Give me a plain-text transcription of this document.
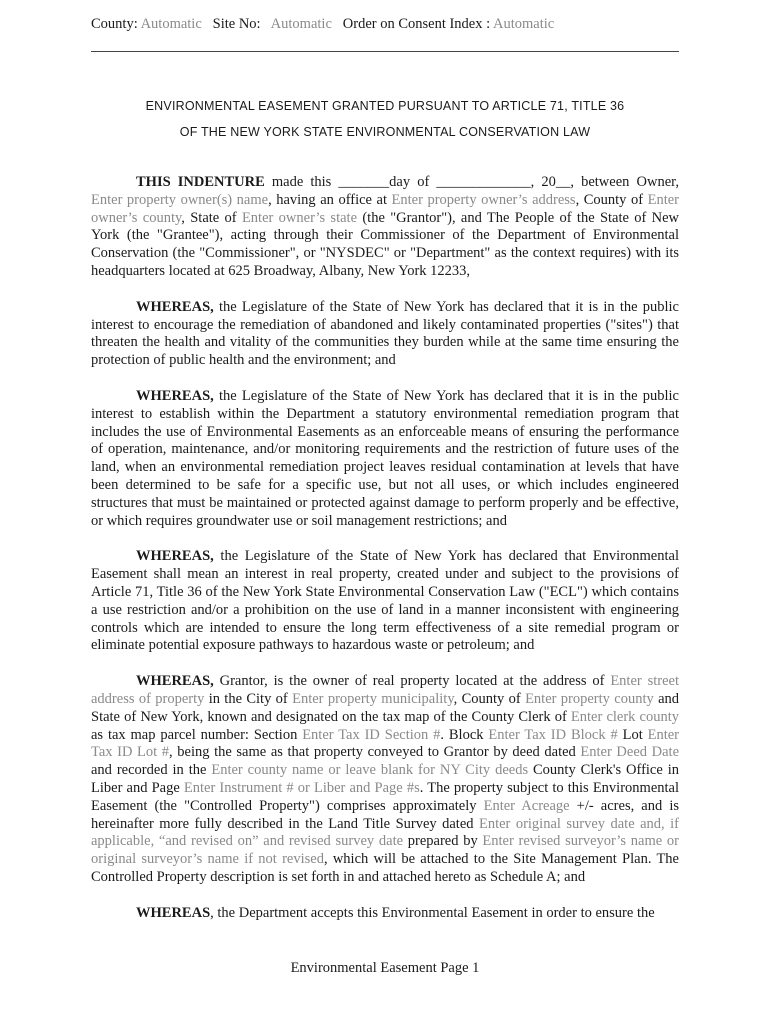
County: Automatic Site No: Automatic Order on Consent Index : Automatic
ENVIRONMENTAL EASEMENT GRANTED PURSUANT TO ARTICLE 71, TITLE 36
OF THE NEW YORK STATE ENVIRONMENTAL CONSERVATION LAW

THIS INDENTURE made this _______day of _____________, 20__, between Owner, Enter property owner(s) name, having an office at Enter property owner’s address, County of Enter owner’s county, State of Enter owner’s state (the "Grantor"), and The People of the State of New York (the "Grantee"), acting through their Commissioner of the Department of Environmental Conservation (the "Commissioner", or "NYSDEC" or "Department" as the context requires) with its headquarters located at 625 Broadway, Albany, New York 12233,

WHEREAS, the Legislature of the State of New York has declared that it is in the public interest to encourage the remediation of abandoned and likely contaminated properties ("sites") that threaten the health and vitality of the communities they burden while at the same time ensuring the protection of public health and the environment; and

WHEREAS, the Legislature of the State of New York has declared that it is in the public interest to establish within the Department a statutory environmental remediation program that includes the use of Environmental Easements as an enforceable means of ensuring the performance of operation, maintenance, and/or monitoring requirements and the restriction of future uses of the land, when an environmental remediation project leaves residual contamination at levels that have been determined to be safe for a specific use, but not all uses, or which includes engineered structures that must be maintained or protected against damage to perform properly and be effective, or which requires groundwater use or soil management restrictions; and

WHEREAS, the Legislature of the State of New York has declared that Environmental Easement shall mean an interest in real property, created under and subject to the provisions of Article 71, Title 36 of the New York State Environmental Conservation Law ("ECL") which contains a use restriction and/or a prohibition on the use of land in a manner inconsistent with engineering controls which are intended to ensure the long term effectiveness of a site remedial program or eliminate potential exposure pathways to hazardous waste or petroleum; and

WHEREAS, Grantor, is the owner of real property located at the address of Enter street address of property in the City of Enter property municipality, County of Enter property county and State of New York, known and designated on the tax map of the County Clerk of Enter clerk county as tax map parcel number: Section Enter Tax ID Section #. Block Enter Tax ID Block # Lot Enter Tax ID Lot #, being the same as that property conveyed to Grantor by deed dated Enter Deed Date and recorded in the Enter county name or leave blank for NY City deeds County Clerk's Office in Liber and Page Enter Instrument # or Liber and Page #s. The property subject to this Environmental Easement (the "Controlled Property") comprises approximately Enter Acreage +/- acres, and is hereinafter more fully described in the Land Title Survey dated Enter original survey date and, if applicable, “and revised on” and revised survey date prepared by Enter revised surveyor’s name or original surveyor’s name if not revised, which will be attached to the Site Management Plan. The Controlled Property description is set forth in and attached hereto as Schedule A; and

WHEREAS, the Department accepts this Environmental Easement in order to ensure the

Environmental Easement Page 1
